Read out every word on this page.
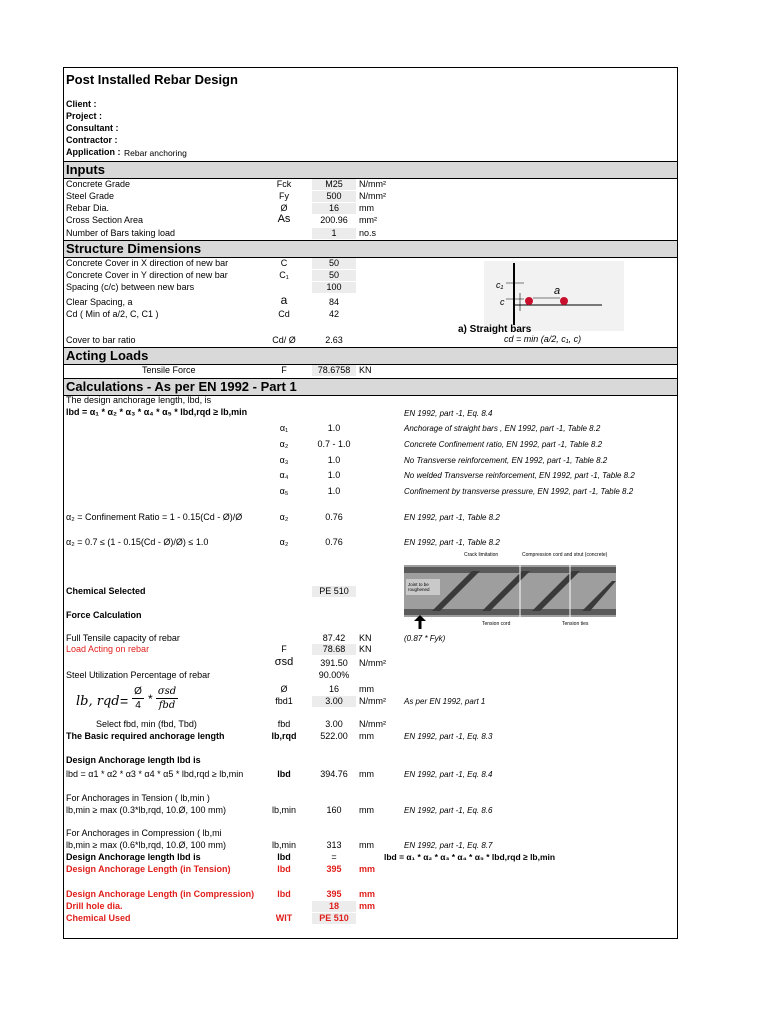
Post Installed Rebar Design
Client :
Project :
Consultant :
Contractor :
Application : Rebar anchoring
Inputs
Concrete Grade	Fck	M25	N/mm²
Steel Grade	Fy	500	N/mm²
Rebar Dia.	Ø	16	mm
Cross Section Area	As	200.96	mm²
Number of Bars taking load	1	no.s
Structure Dimensions
Concrete Cover in X direction of new bar	C	50
Concrete Cover in Y direction of new bar	C₁	50
Spacing (c/c) between new bars	100
Clear Spacing, a	a	84
Cd ( Min of a/2, C, C1 )	Cd	42
Cover to bar ratio	Cd/ Ø	2.63
a
c₁
c
a) Straight bars
cd = min (a/2, c₁, c)
Acting Loads
Tensile Force	F	78.6758 KN
Calculations - As per EN 1992 - Part 1
The design anchorage length, lbd, is
lbd = α₁ * α₂ * α₃ * α₄ * α₅ * lbd,rqd ≥ lb,min	EN 1992, part -1, Eq. 8.4
α₁	1.0	Anchorage of straight bars , EN 1992, part -1, Table 8.2
α₂	0.7 - 1.0	Concrete Confinement ratio, EN 1992, part -1, Table 8.2
α₃	1.0	No Transverse reinforcement, EN 1992, part -1, Table 8.2
α₄	1.0	No welded Transverse reinforcement, EN 1992, part -1, Table 8.2
α₅	1.0	Confinement by transverse pressure, EN 1992, part -1, Table 8.2
α₂ = Confinement Ratio = 1 - 0.15(Cd - Ø)/Ø	α₂	0.76	EN 1992, part -1, Table 8.2
α₂ = 0.7 ≤ (1 - 0.15(Cd - Ø)/Ø) ≤ 1.0	α₂	0.76	EN 1992, part -1, Table 8.2
Crack limitation	Compression cord and strut (concrete)
Joint to be roughened
Tension cord	Tension ties
Chemical Selected	PE 510
Force Calculation
Full Tensile capacity of rebar	87.42	KN	(0.87 * Fyk)
Load Acting on rebar	F	78.68	KN
σsd	391.50	N/mm²
Steel Utilization Percentage of rebar	90.00%
Ø	16	mm
fbd1	3.00	N/mm² As per EN 1992, part 1
lb, rqd =
Ø
4 *
σsd
fbd
Select fbd, min (fbd, Tbd)	fbd	3.00	N/mm²
The Basic required anchorage length	lb,rqd	522.00	mm	EN 1992, part -1, Eq. 8.3
Design Anchorage length lbd is
lbd = α1 * α2 * α3 * α4 * α5 * lbd,rqd ≥ lb,min	lbd	394.76	mm	EN 1992, part -1, Eq. 8.4
For Anchorages in Tension ( lb,min )
lb,min ≥ max (0.3*lb,rqd, 10.Ø, 100 mm)	lb,min	160	mm	EN 1992, part -1, Eq. 8.6
For Anchorages in Compression ( lb,mi
lb,min ≥ max (0.6*lb,rqd, 10.Ø, 100 mm)	lb,min	313	mm	EN 1992, part -1, Eq. 8.7
Design Anchorage length lbd is	lbd	=	lbd = α₁ * α₂ * α₃ * α₄ * α₅ * lbd,rqd ≥ lb,min
Design Anchorage Length (in Tension)	lbd	395	mm
Design Anchorage Length (in Compression)	lbd	395	mm
Drill hole dia.	18	mm
Chemical Used	WIT	PE 510
